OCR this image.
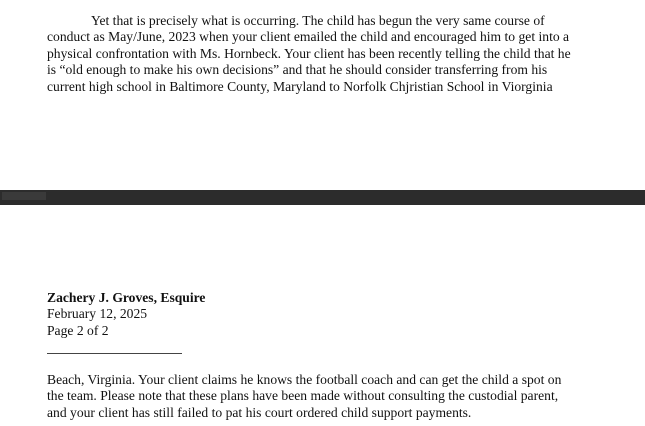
Yet that is precisely what is occurring. The child has begun the very same course of
conduct as May/June, 2023 when your client emailed the child and encouraged him to get into a
physical confrontation with Ms. Hornbeck. Your client has been recently telling the child that he
is “old enough to make his own decisions” and that he should consider transferring from his
current high school in Baltimore County, Maryland to Norfolk Chjristian School in Viorginia

Zachery J. Groves, Esquire
February 12, 2025
Page 2 of 2

Beach, Virginia. Your client claims he knows the football coach and can get the child a spot on
the team. Please note that these plans have been made without consulting the custodial parent,
and your client has still failed to pat his court ordered child support payments.
